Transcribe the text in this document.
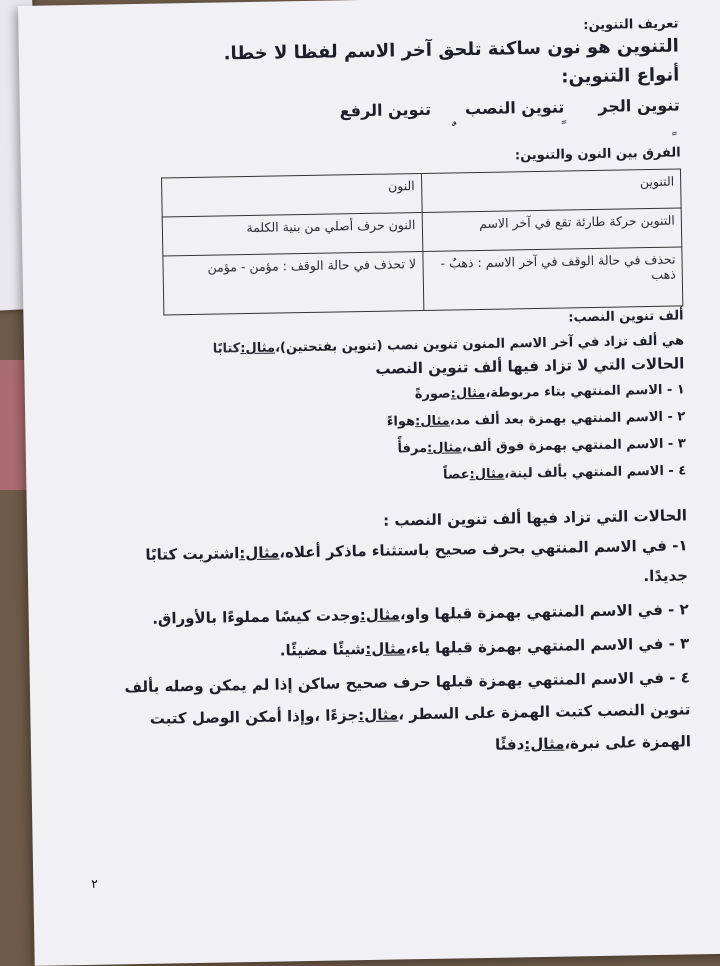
تعريف التنوين:

التنوين هو نون ساكنة تلحق آخر الاسم لفظا لا خطا.

أنواع التنوين:

تنوين الجر
تنوين النصب
تنوين الرفع
ٍ
ً
ٌ

الفرق بين النون والتنوين:

التنوين	النون
التنوين حركة طارئة تقع في آخر الاسم	النون حرف أصلي من بنية الكلمة
تحذف في حالة الوقف في آخر الاسم : ذهبٌ - ذهب	لا تحذف في حالة الوقف : مؤمن - مؤمن

ألف تنوين النصب:

هي ألف تزاد في آخر الاسم المنون تنوين نصب (تنوين بفتحتين)،مثال:كتابًا

الحالات التي لا تزاد فيها ألف تنوين النصب

١ - الاسم المنتهي بتاء مربوطة،مثال:صورةً

٢ - الاسم المنتهي بهمزة بعد ألف مد،مثال:هواءً

٣ - الاسم المنتهي بهمزة فوق ألف،مثال:مرفأً

٤ - الاسم المنتهي بألف لينة،مثال:عصاً

الحالات التي تزاد فيها ألف تنوين النصب :

١- في الاسم المنتهي بحرف صحيح باستثناء ماذكر أعلاه،مثال:اشتريت كتابًا

جديدًا.

٢ - في الاسم المنتهي بهمزة قبلها واو،مثال:وجدت كيسًا مملوءًا بالأوراق.

٣ - في الاسم المنتهي بهمزة قبلها ياء،مثال:شيئًا مضيئًا.

٤ - في الاسم المنتهي بهمزة قبلها حرف صحيح ساكن إذا لم يمكن وصله بألف

تنوين النصب كتبت الهمزة على السطر ،مثال:جزءًا ،وإذا أمكن الوصل كتبت

الهمزة على نبرة،مثال:دفئًا

٢
